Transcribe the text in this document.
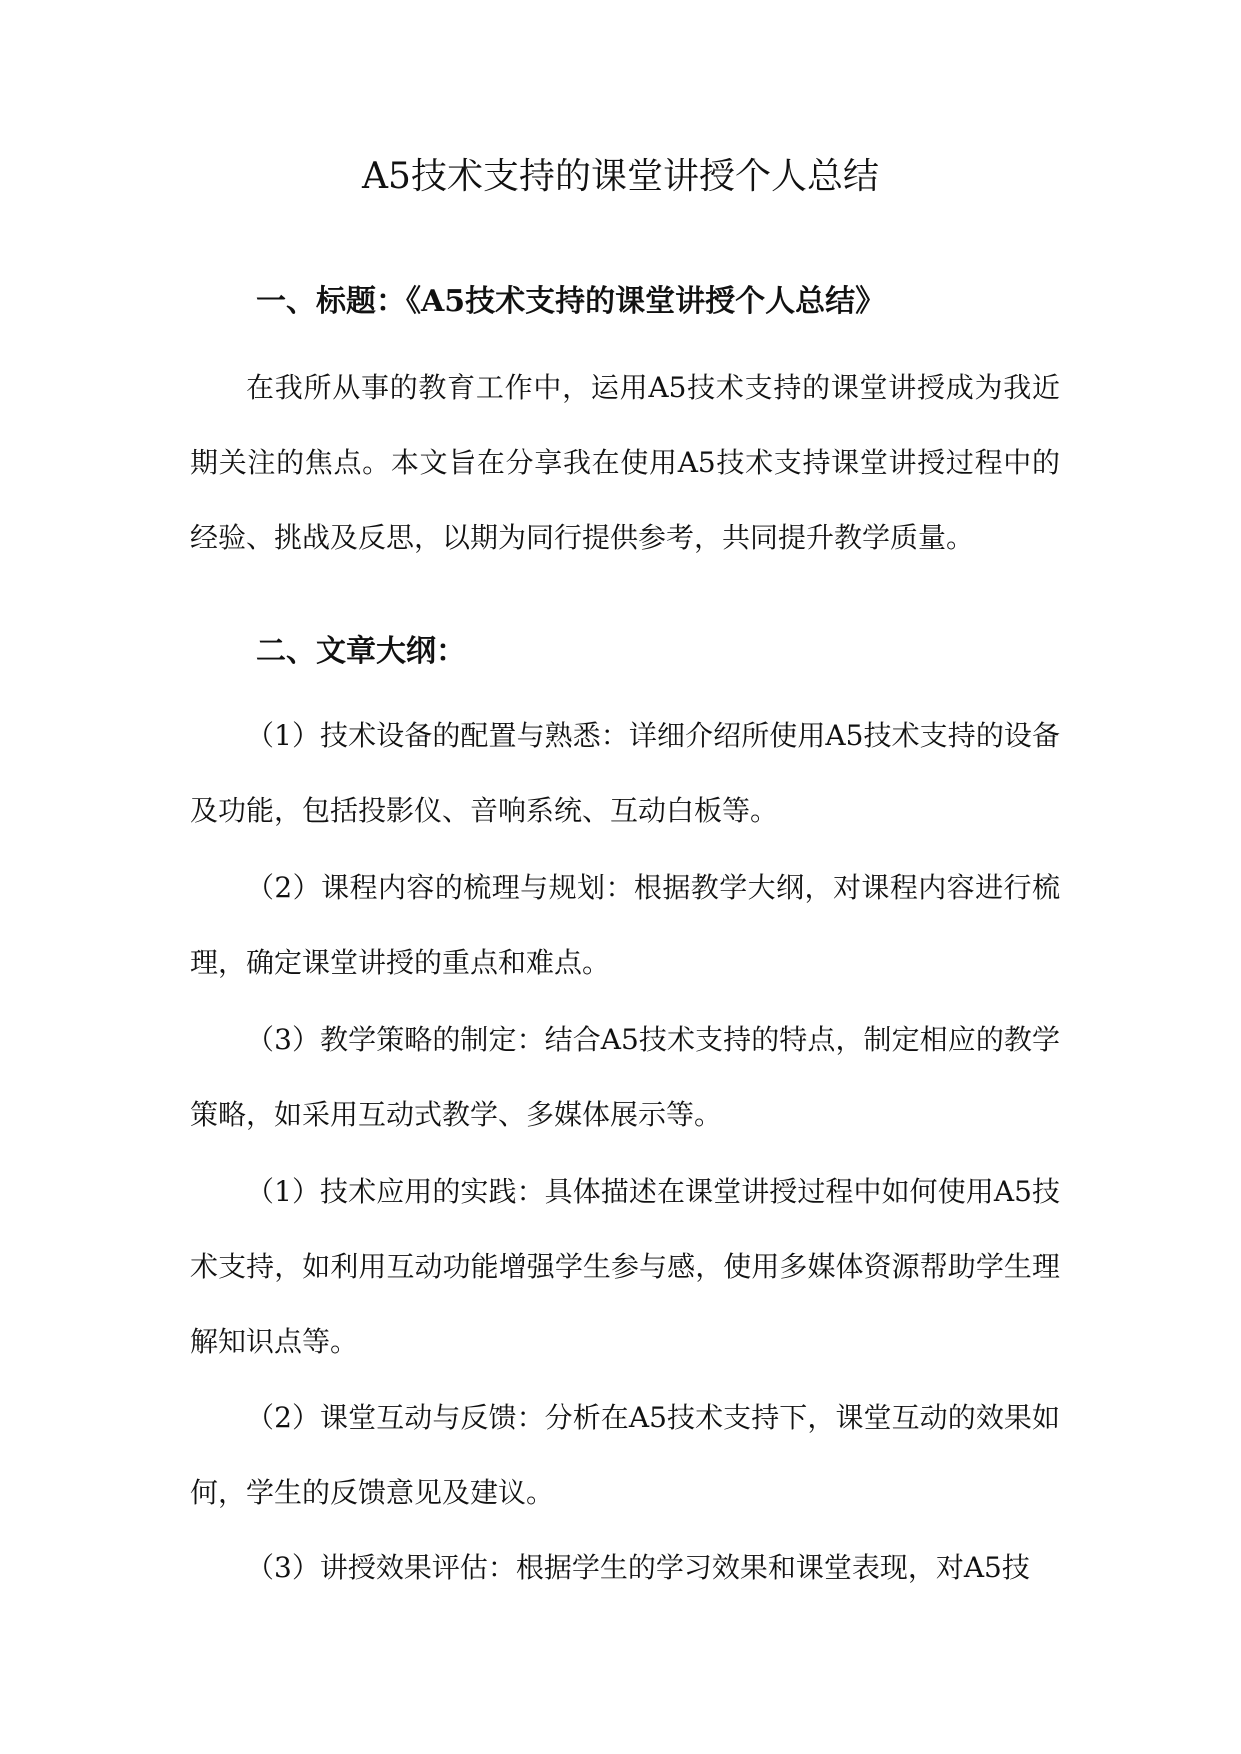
A5技术支持的课堂讲授个人总结
一、标题：《A5技术支持的课堂讲授个人总结》

在我所从事的教育工作中，运用A5技术支持的课堂讲授成为我近期关注的焦点。本文旨在分享我在使用A5技术支持课堂讲授过程中的经验、挑战及反思，以期为同行提供参考，共同提升教学质量。

二、文章大纲：

（1）技术设备的配置与熟悉：详细介绍所使用A5技术支持的设备及功能，包括投影仪、音响系统、互动白板等。

（2）课程内容的梳理与规划：根据教学大纲，对课程内容进行梳理，确定课堂讲授的重点和难点。

（3）教学策略的制定：结合A5技术支持的特点，制定相应的教学策略，如采用互动式教学、多媒体展示等。

（1）技术应用的实践：具体描述在课堂讲授过程中如何使用A5技术支持，如利用互动功能增强学生参与感，使用多媒体资源帮助学生理解知识点等。

（2）课堂互动与反馈：分析在A5技术支持下，课堂互动的效果如何，学生的反馈意见及建议。

（3）讲授效果评估：根据学生的学习效果和课堂表现，对A5技
